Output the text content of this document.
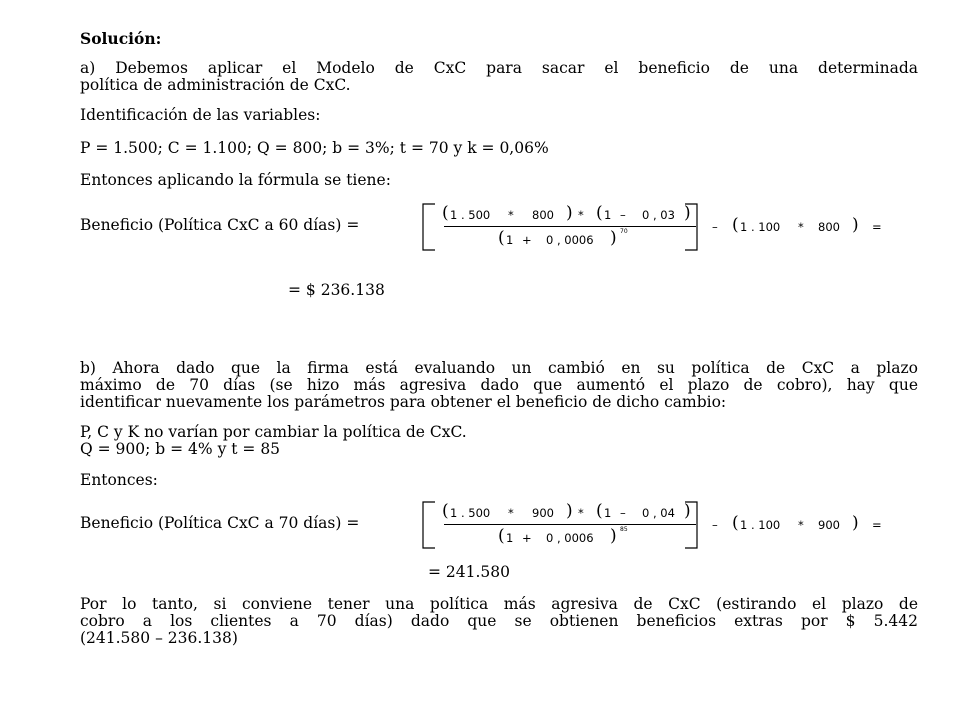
Solución:
a) Debemos aplicar el Modelo de CxC para sacar el beneficio de una determinada
política de administración de CxC.
Identificación de las variables:
P = 1.500; C = 1.100; Q = 800; b = 3%; t = 70 y k = 0,06%
Entonces aplicando la fórmula se tiene:
Beneficio (Política CxC a 60 días) =
( 1 . 500 * 800 ) * ( 1 – 0 , 03 )
( 1 + 0 , 0006 ) 70	– ( 1 . 100 * 800 ) =
= $ 236.138
b) Ahora dado que la firma está evaluando un cambió en su política de CxC a plazo
máximo de 70 días (se hizo más agresiva dado que aumentó el plazo de cobro), hay que
identificar nuevamente los parámetros para obtener el beneficio de dicho cambio:
P, C y K no varían por cambiar la política de CxC.
Q = 900; b = 4% y t = 85
Entonces:
Beneficio (Política CxC a 70 días) =
( 1 . 500 * 900 ) * ( 1 – 0 , 04 )
( 1 + 0 , 0006 ) 85	– ( 1 . 100 * 900 ) =
= 241.580
Por lo tanto, si conviene tener una política más agresiva de CxC (estirando el plazo de
cobro a los clientes a 70 días) dado que se obtienen beneficios extras por $ 5.442
(241.580 – 236.138)
